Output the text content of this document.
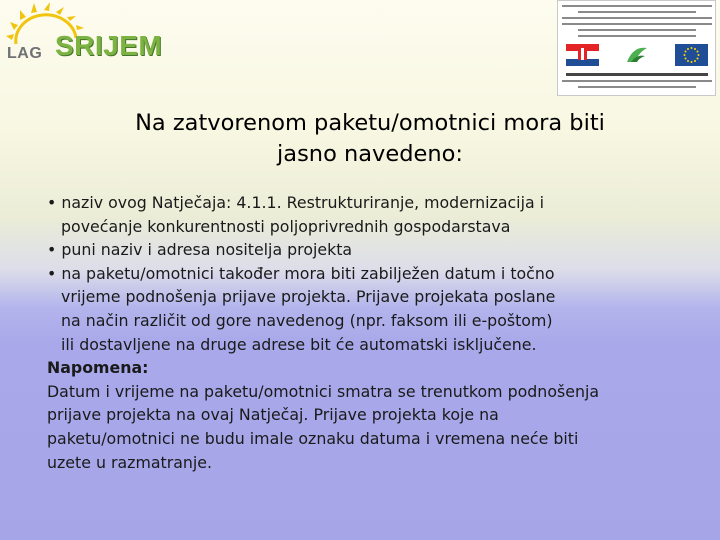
LAG SRIJEM
Na zatvorenom paketu/omotnici mora biti
jasno navedeno:
• naziv ovog Natječaja: 4.1.1. Restrukturiranje, modernizacija i
povećanje konkurentnosti poljoprivrednih gospodarstava
• puni naziv i adresa nositelja projekta
• na paketu/omotnici također mora biti zabilježen datum i točno
vrijeme podnošenja prijave projekta. Prijave projekata poslane
na način različit od gore navedenog (npr. faksom ili e-poštom)
ili dostavljene na druge adrese bit će automatski isključene.
Napomena:
Datum i vrijeme na paketu/omotnici smatra se trenutkom podnošenja
prijave projekta na ovaj Natječaj. Prijave projekta koje na
paketu/omotnici ne budu imale oznaku datuma i vremena neće biti
uzete u razmatranje.
